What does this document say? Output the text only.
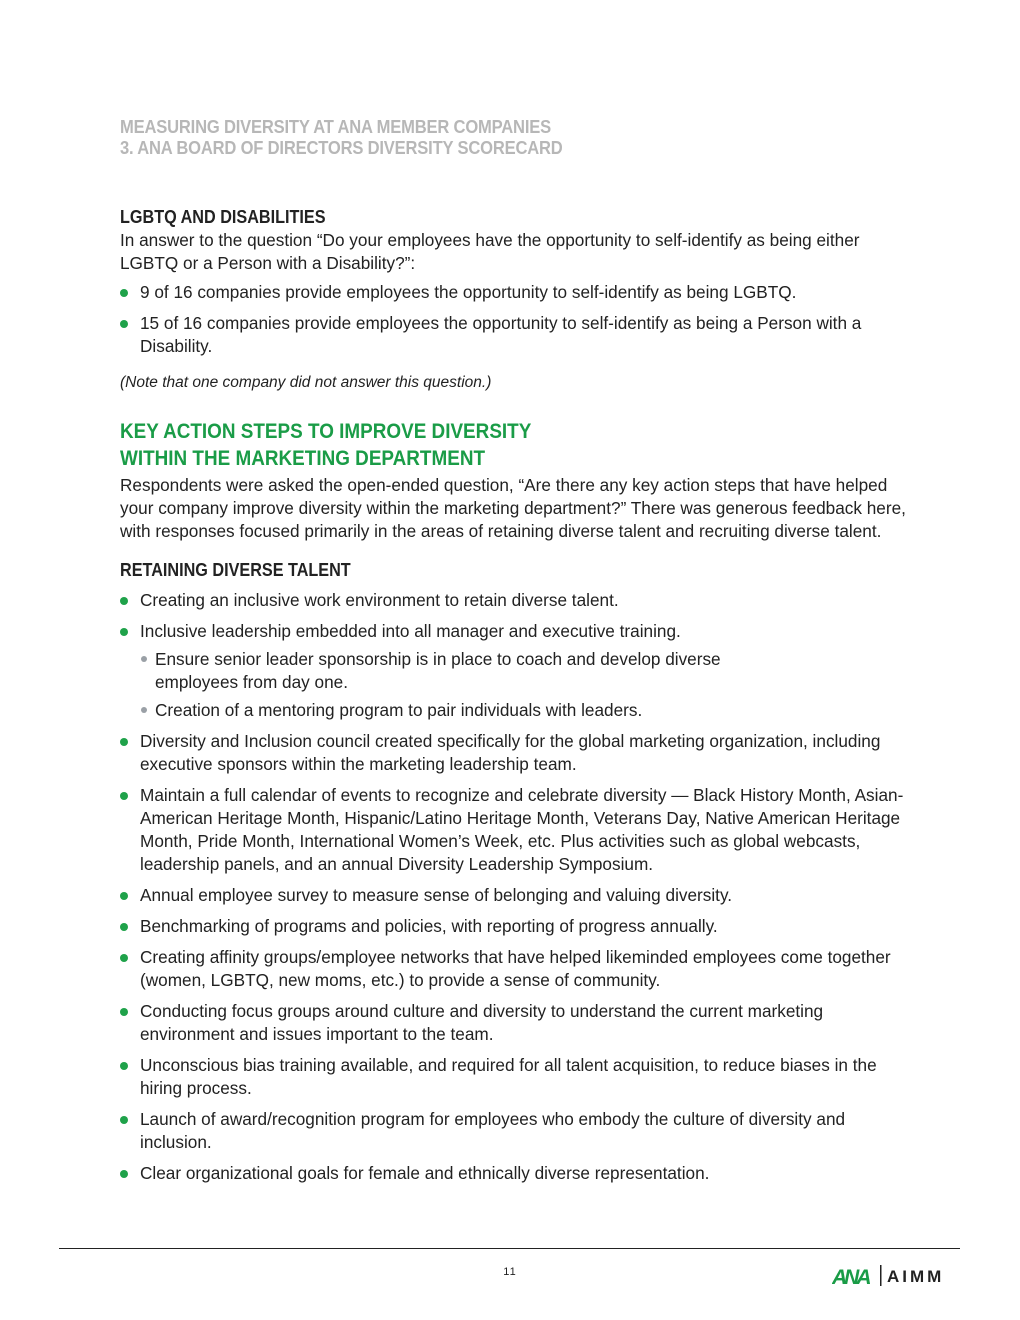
MEASURING DIVERSITY AT ANA MEMBER COMPANIES
3. ANA BOARD OF DIRECTORS DIVERSITY SCORECARD
LGBTQ AND DISABILITIES

In answer to the question “Do your employees have the opportunity to self-identify as being either LGBTQ or a Person with a Disability?”:

9 of 16 companies provide employees the opportunity to self-identify as being LGBTQ.
15 of 16 companies provide employees the opportunity to self-identify as being a Person with a Disability.
(Note that one company did not answer this question.)
KEY ACTION STEPS TO IMPROVE DIVERSITY
WITHIN THE MARKETING DEPARTMENT

Respondents were asked the open-ended question, “Are there any key action steps that have helped your company improve diversity within the marketing department?” There was generous feedback here, with responses focused primarily in the areas of retaining diverse talent and recruiting diverse talent.

RETAINING DIVERSE TALENT
Creating an inclusive work environment to retain diverse talent.
Inclusive leadership embedded into all manager and executive training.
Ensure senior leader sponsorship is in place to coach and develop diverse employees from day one.
Creation of a mentoring program to pair individuals with leaders.
Diversity and Inclusion council created specifically for the global marketing organization, including executive sponsors within the marketing leadership team.
Maintain a full calendar of events to recognize and celebrate diversity — Black History Month, Asian-American Heritage Month, Hispanic/Latino Heritage Month, Veterans Day, Native American Heritage Month, Pride Month, International Women’s Week, etc. Plus activities such as global webcasts, leadership panels, and an annual Diversity Leadership Symposium.
Annual employee survey to measure sense of belonging and valuing diversity.
Benchmarking of programs and policies, with reporting of progress annually.
Creating affinity groups/employee networks that have helped likeminded employees come together (women, LGBTQ, new moms, etc.) to provide a sense of community.
Conducting focus groups around culture and diversity to understand the current marketing environment and issues important to the team.
Unconscious bias training available, and required for all talent acquisition, to reduce biases in the hiring process.
Launch of award/recognition program for employees who embody the culture of diversity and inclusion.
Clear organizational goals for female and ethnically diverse representation.
11	ANA AIMM
